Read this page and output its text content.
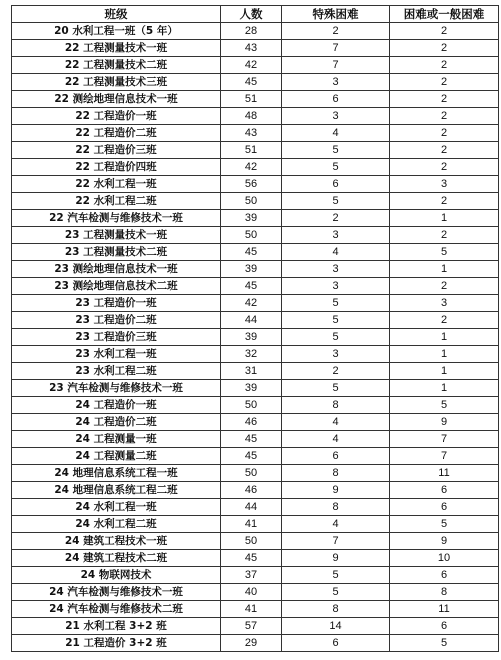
班级	人数	特殊困难	困难或一般困难
20 水利工程一班（5 年）	28	2	2
22 工程测量技术一班	43	7	2
22 工程测量技术二班	42	7	2
22 工程测量技术三班	45	3	2
22 测绘地理信息技术一班	51	6	2
22 工程造价一班	48	3	2
22 工程造价二班	43	4	2
22 工程造价三班	51	5	2
22 工程造价四班	42	5	2
22 水利工程一班	56	6	3
22 水利工程二班	50	5	2
22 汽车检测与维修技术一班	39	2	1
23 工程测量技术一班	50	3	2
23 工程测量技术二班	45	4	5
23 测绘地理信息技术一班	39	3	1
23 测绘地理信息技术二班	45	3	2
23 工程造价一班	42	5	3
23 工程造价二班	44	5	2
23 工程造价三班	39	5	1
23 水利工程一班	32	3	1
23 水利工程二班	31	2	1
23 汽车检测与维修技术一班	39	5	1
24 工程造价一班	50	8	5
24 工程造价二班	46	4	9
24 工程测量一班	45	4	7
24 工程测量二班	45	6	7
24 地理信息系统工程一班	50	8	11
24 地理信息系统工程二班	46	9	6
24 水利工程一班	44	8	6
24 水利工程二班	41	4	5
24 建筑工程技术一班	50	7	9
24 建筑工程技术二班	45	9	10
24 物联网技术	37	5	6
24 汽车检测与维修技术一班	40	5	8
24 汽车检测与维修技术二班	41	8	11
21 水利工程 3+2 班	57	14	6
21 工程造价 3+2 班	29	6	5
